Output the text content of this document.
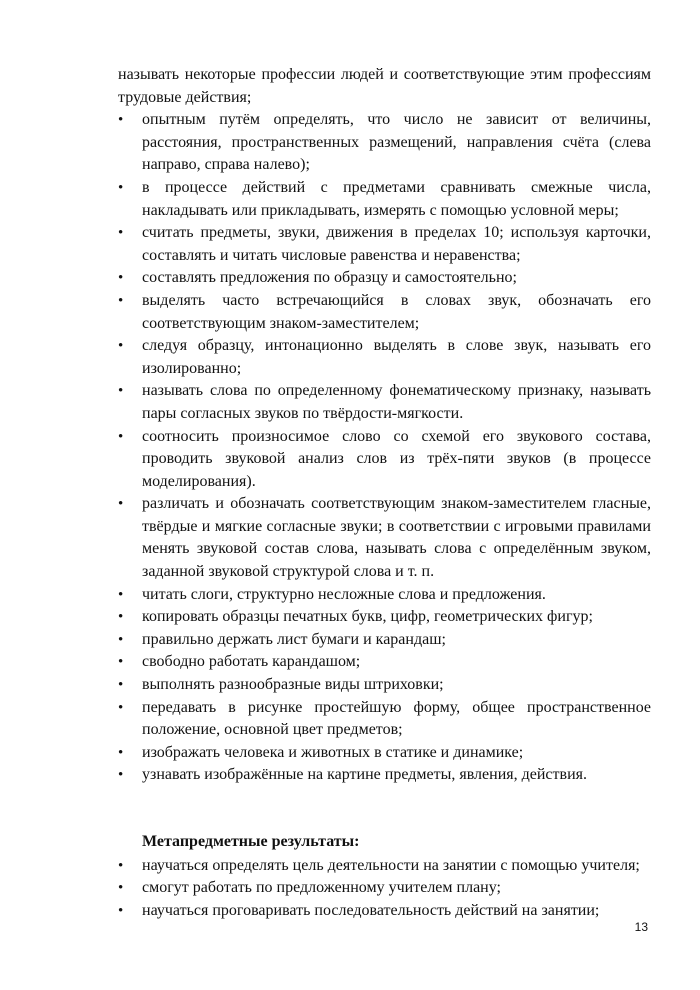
называть некоторые профессии людей и соответствующие этим профессиям трудовые действия;

•	опытным путём определять, что число не зависит от величины, расстояния, пространственных размещений, направления счёта (слева направо, справа налево);
•	в процессе действий с предметами сравнивать смежные числа, накладывать или прикладывать, измерять с помощью условной меры;
•	считать предметы, звуки, движения в пределах 10; используя карточки, составлять и читать числовые равенства и неравенства;
•	составлять предложения по образцу и самостоятельно;
•	выделять часто встречающийся в словах звук, обозначать его соответствующим знаком-заместителем;
•	следуя образцу, интонационно выделять в слове звук, называть его изолированно;
•	называть слова по определенному фонематическому признаку, называть пары согласных звуков по твёрдости-мягкости.
•	соотносить произносимое слово со схемой его звукового состава, проводить звуковой анализ слов из трёх-пяти звуков (в процессе моделирования).
•	различать и обозначать соответствующим знаком-заместителем гласные, твёрдые и мягкие согласные звуки; в соответствии с игровыми правилами менять звуковой состав слова, называть слова с определённым звуком, заданной звуковой структурой слова и т. п.
•	читать слоги, структурно несложные слова и предложения.
•	копировать образцы печатных букв, цифр, геометрических фигур;
•	правильно держать лист бумаги и карандаш;
•	свободно работать карандашом;
•	выполнять разнообразные виды штриховки;
•	передавать в рисунке простейшую форму, общее пространственное положение, основной цвет предметов;
•	изображать человека и животных в статике и динамике;
•	узнавать изображённые на картине предметы, явления, действия.

Метапредметные результаты:

•	научаться определять цель деятельности на занятии с помощью учителя;
•	смогут работать по предложенному учителем плану;
•	научаться проговаривать последовательность действий на занятии;
13
